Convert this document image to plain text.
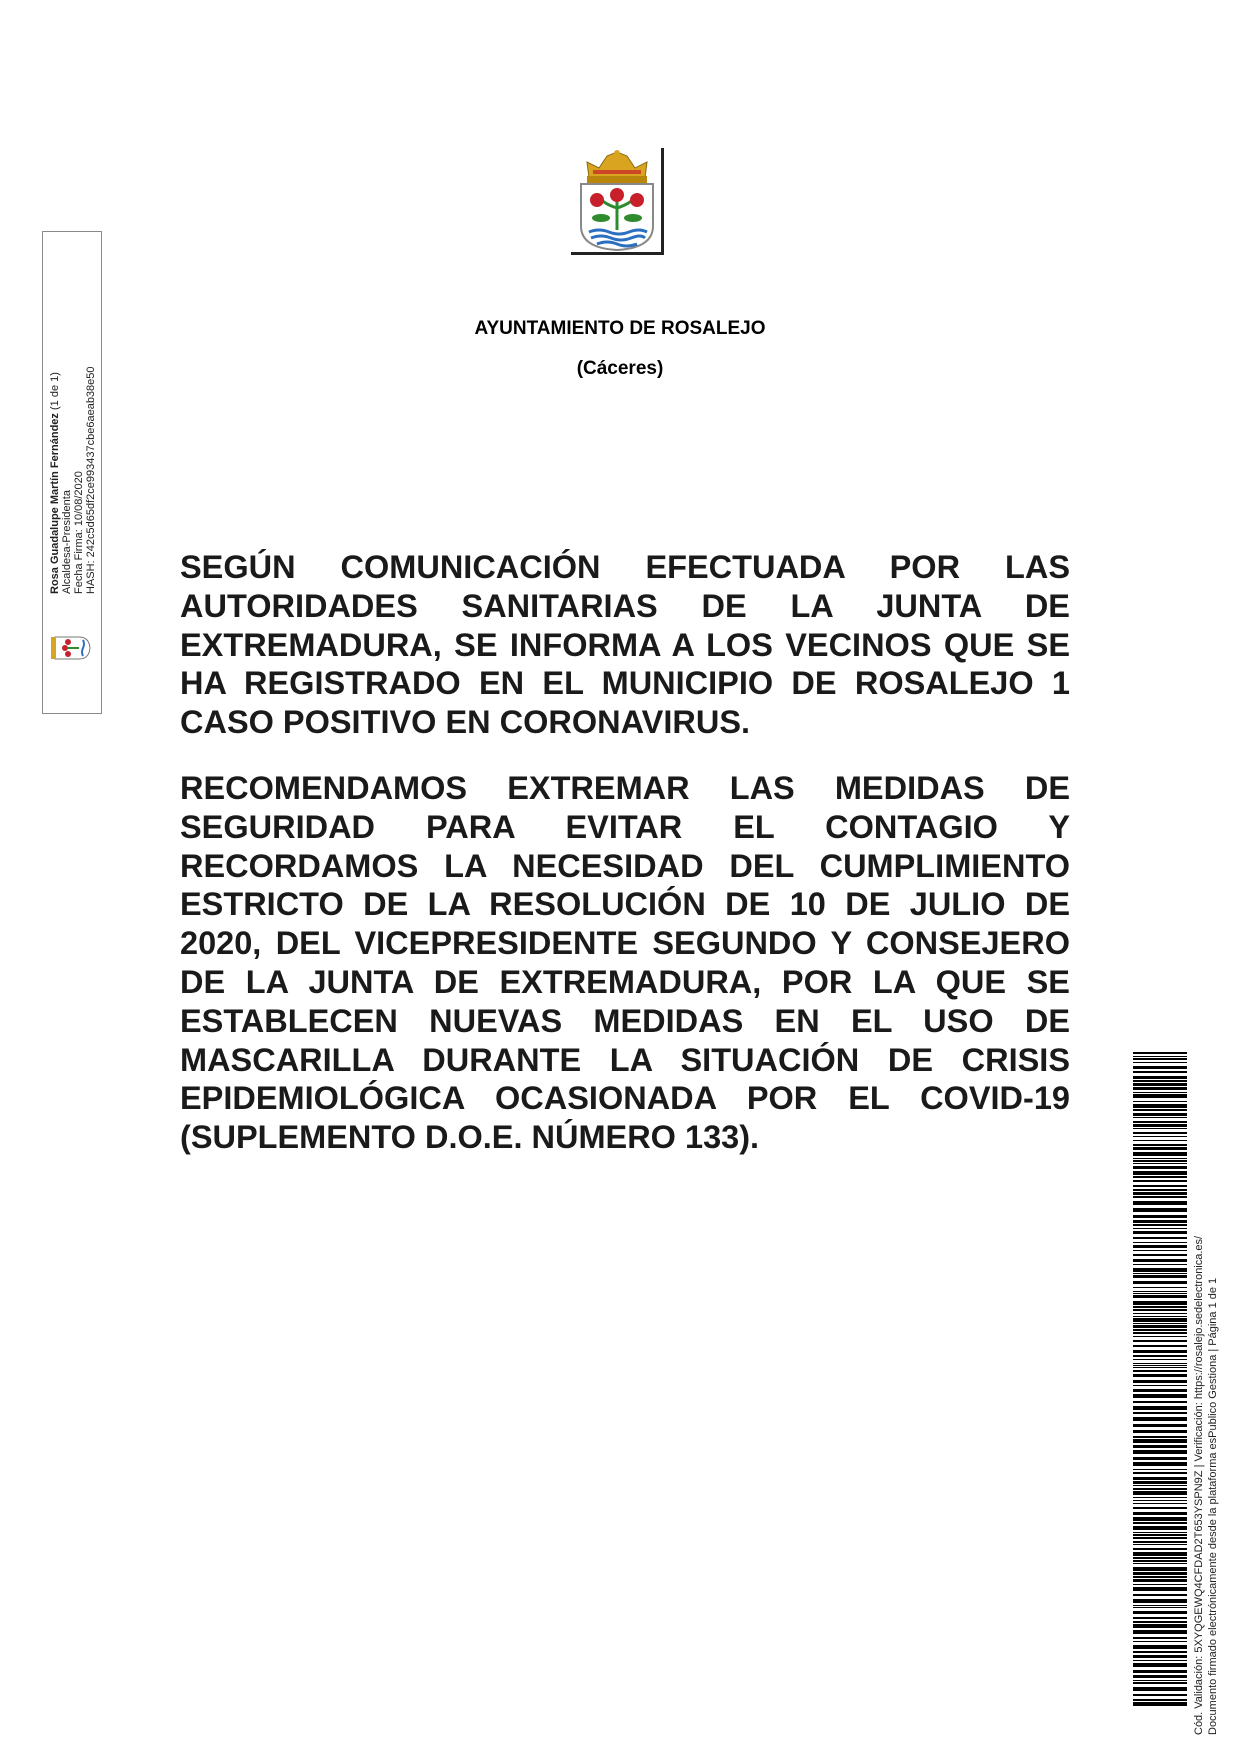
AYUNTAMIENTO DE ROSALEJO
(Cáceres)

SEGÚN COMUNICACIÓN EFECTUADA POR LAS AUTORIDADES SANITARIAS DE LA JUNTA DE EXTREMADURA, SE INFORMA A LOS VECINOS QUE SE HA REGISTRADO EN EL MUNICIPIO DE ROSALEJO 1 CASO POSITIVO EN CORONAVIRUS.

RECOMENDAMOS EXTREMAR LAS MEDIDAS DE SEGURIDAD PARA EVITAR EL CONTAGIO Y RECORDAMOS LA NECESIDAD DEL CUMPLIMIENTO ESTRICTO DE LA RESOLUCIÓN DE 10 DE JULIO DE 2020, DEL VICEPRESIDENTE SEGUNDO Y CONSEJERO DE LA JUNTA DE EXTREMADURA, POR LA QUE SE ESTABLECEN NUEVAS MEDIDAS EN EL USO DE MASCARILLA DURANTE LA SITUACIÓN DE CRISIS EPIDEMIOLÓGICA OCASIONADA POR EL COVID-19 (SUPLEMENTO D.O.E. NÚMERO 133).

Rosa Guadalupe Martín Fernández (1 de 1)
Alcaldesa-Presidenta Fecha Firma: 10/08/2020 HASH: 242c5d65df2ce993437cbe6aeab38e50
Cód. Validación: 5XYQGEWQ4CFDAD2T653YSPN9Z | Verificación: https://rosalejo.sedelectronica.es/ Documento firmado electrónicamente desde la plataforma esPublico Gestiona | Página 1 de 1
